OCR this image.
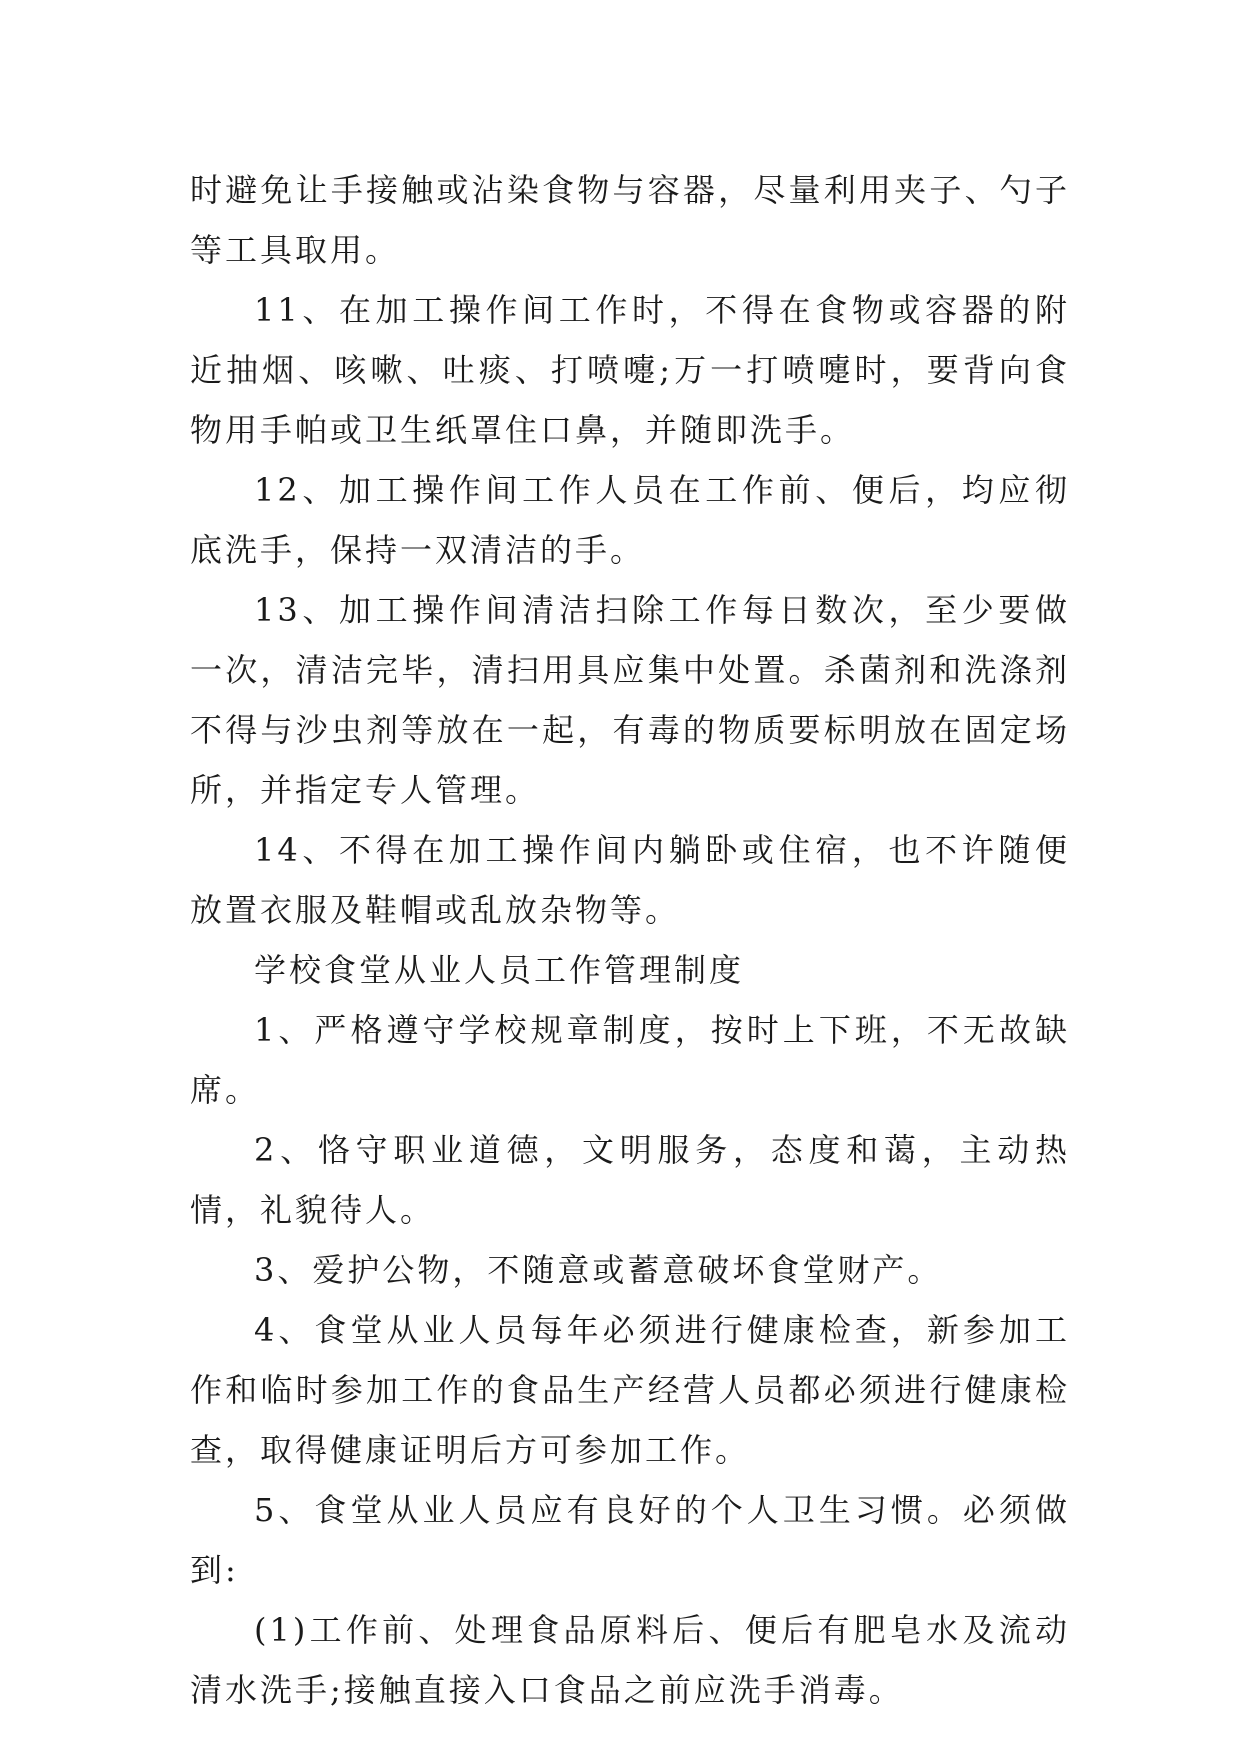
时避免让手接触或沾染食物与容器，尽量利用夹子、勺子等工具取用。

11、在加工操作间工作时，不得在食物或容器的附近抽烟、咳嗽、吐痰、打喷嚏;万一打喷嚏时，要背向食物用手帕或卫生纸罩住口鼻，并随即洗手。

12、加工操作间工作人员在工作前、便后，均应彻底洗手，保持一双清洁的手。

13、加工操作间清洁扫除工作每日数次，至少要做一次，清洁完毕，清扫用具应集中处置。杀菌剂和洗涤剂不得与沙虫剂等放在一起，有毒的物质要标明放在固定场所，并指定专人管理。

14、不得在加工操作间内躺卧或住宿，也不许随便放置衣服及鞋帽或乱放杂物等。

学校食堂从业人员工作管理制度

1、严格遵守学校规章制度，按时上下班，不无故缺席。

2、恪守职业道德，文明服务，态度和蔼，主动热情，礼貌待人。

3、爱护公物，不随意或蓄意破坏食堂财产。

4、食堂从业人员每年必须进行健康检查，新参加工作和临时参加工作的食品生产经营人员都必须进行健康检查，取得健康证明后方可参加工作。

5、食堂从业人员应有良好的个人卫生习惯。必须做到:

(1)工作前、处理食品原料后、便后有肥皂水及流动清水洗手;接触直接入口食品之前应洗手消毒。
